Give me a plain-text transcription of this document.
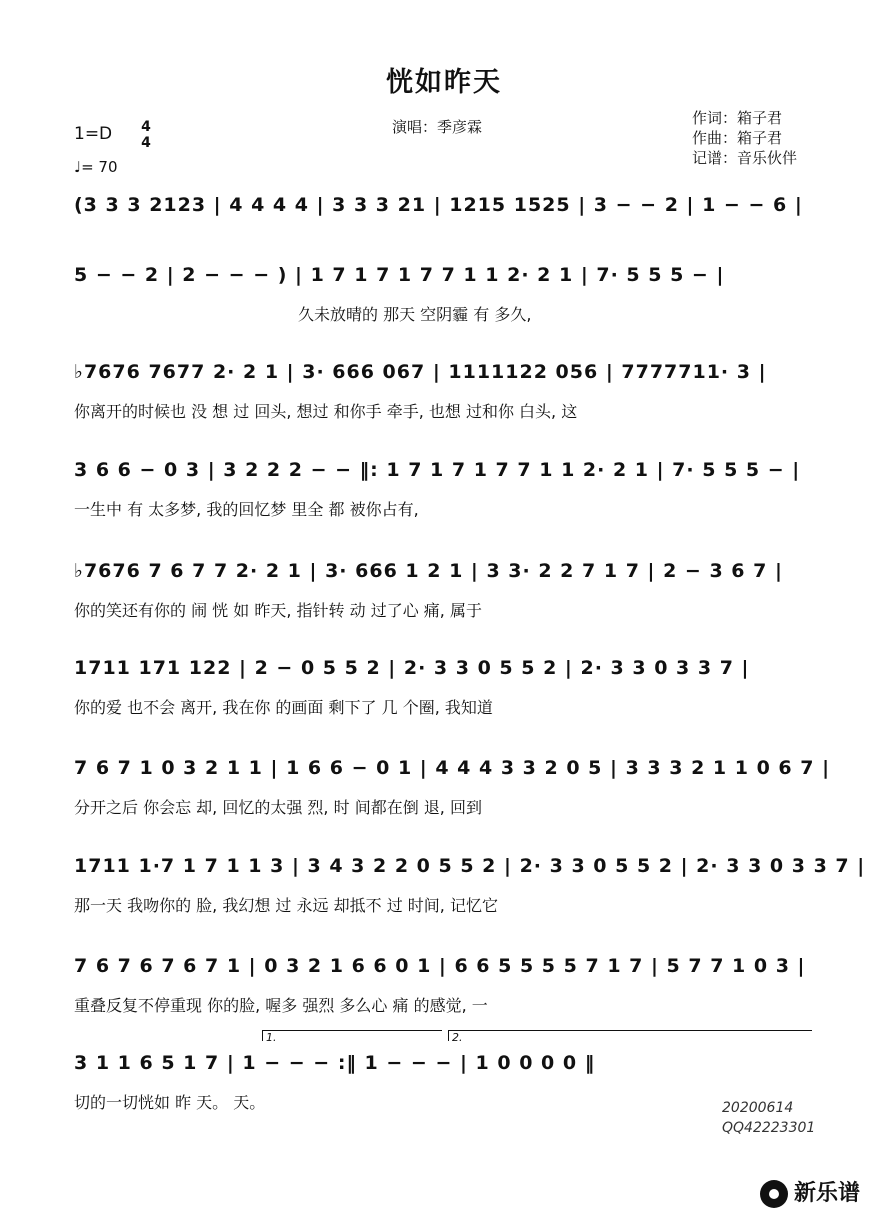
恍如昨天
1=D 4
4
♩= 70
演唱：季彦霖	作词：箱子君
作曲：箱子君
记谱：音乐伙伴
(3 3 3 2123 | 4 4 4 4 | 3 3 3 21 | 1215 1525 | 3 − − 2 | 1 − − 6 |
5 − − 2 | 2 − − − ) | 1 7 1 7 1 7 7 1 1 2· 2 1 | 7· 5 5 5 − |
久未放晴的 那天 空阴霾 有 多久,
♭7676 7677 2· 2 1 | 3· 666 067 | 1111122 056 | 7777711· 3 |
你离开的时候也 没 想 过 回头, 想过 和你手 牵手, 也想 过和你 白头, 这
3 6 6 − 0 3 | 3 2 2 2 − − ‖: 1 7 1 7 1 7 7 1 1 2· 2 1 | 7· 5 5 5 − |
一生中 有 太多梦, 我的回忆梦 里全 都 被你占有,
♭7676 7 6 7 7 2· 2 1 | 3· 666 1 2 1 | 3 3· 2 2 7 1 7 | 2 − 3 6 7 |
你的笑还有你的 闹 恍 如 昨天, 指针转 动 过了心 痛, 属于
1711 171 122 | 2 − 0 5 5 2 | 2· 3 3 0 5 5 2 | 2· 3 3 0 3 3 7 |
你的爱 也不会 离开, 我在你 的画面 剩下了 几 个圈, 我知道
7 6 7 1 0 3 2 1 1 | 1 6 6 − 0 1 | 4 4 4 3 3 2 0 5 | 3 3 3 2 1 1 0 6 7 |
分开之后 你会忘 却, 回忆的太强 烈, 时 间都在倒 退, 回到
1711 1·7 1 7 1 1 3 | 3 4 3 2 2 0 5 5 2 | 2· 3 3 0 5 5 2 | 2· 3 3 0 3 3 7 |
那一天 我吻你的 脸, 我幻想 过 永远 却抵不 过 时间, 记忆它
7 6 7 6 7 6 7 1 | 0 3 2 1 6 6 0 1 | 6 6 5 5 5 5 7 1 7 | 5 7 7 1 0 3 |
重叠反复不停重现 你的脸, 喔多 强烈 多么心 痛 的感觉, 一
1.	2.
3 1 1 6 5 1 7 | 1 − − − :‖ 1 − − − | 1 0 0 0 0 ‖
切的一切恍如 昨 天。 天。	20200614
QQ42223301
新乐谱
